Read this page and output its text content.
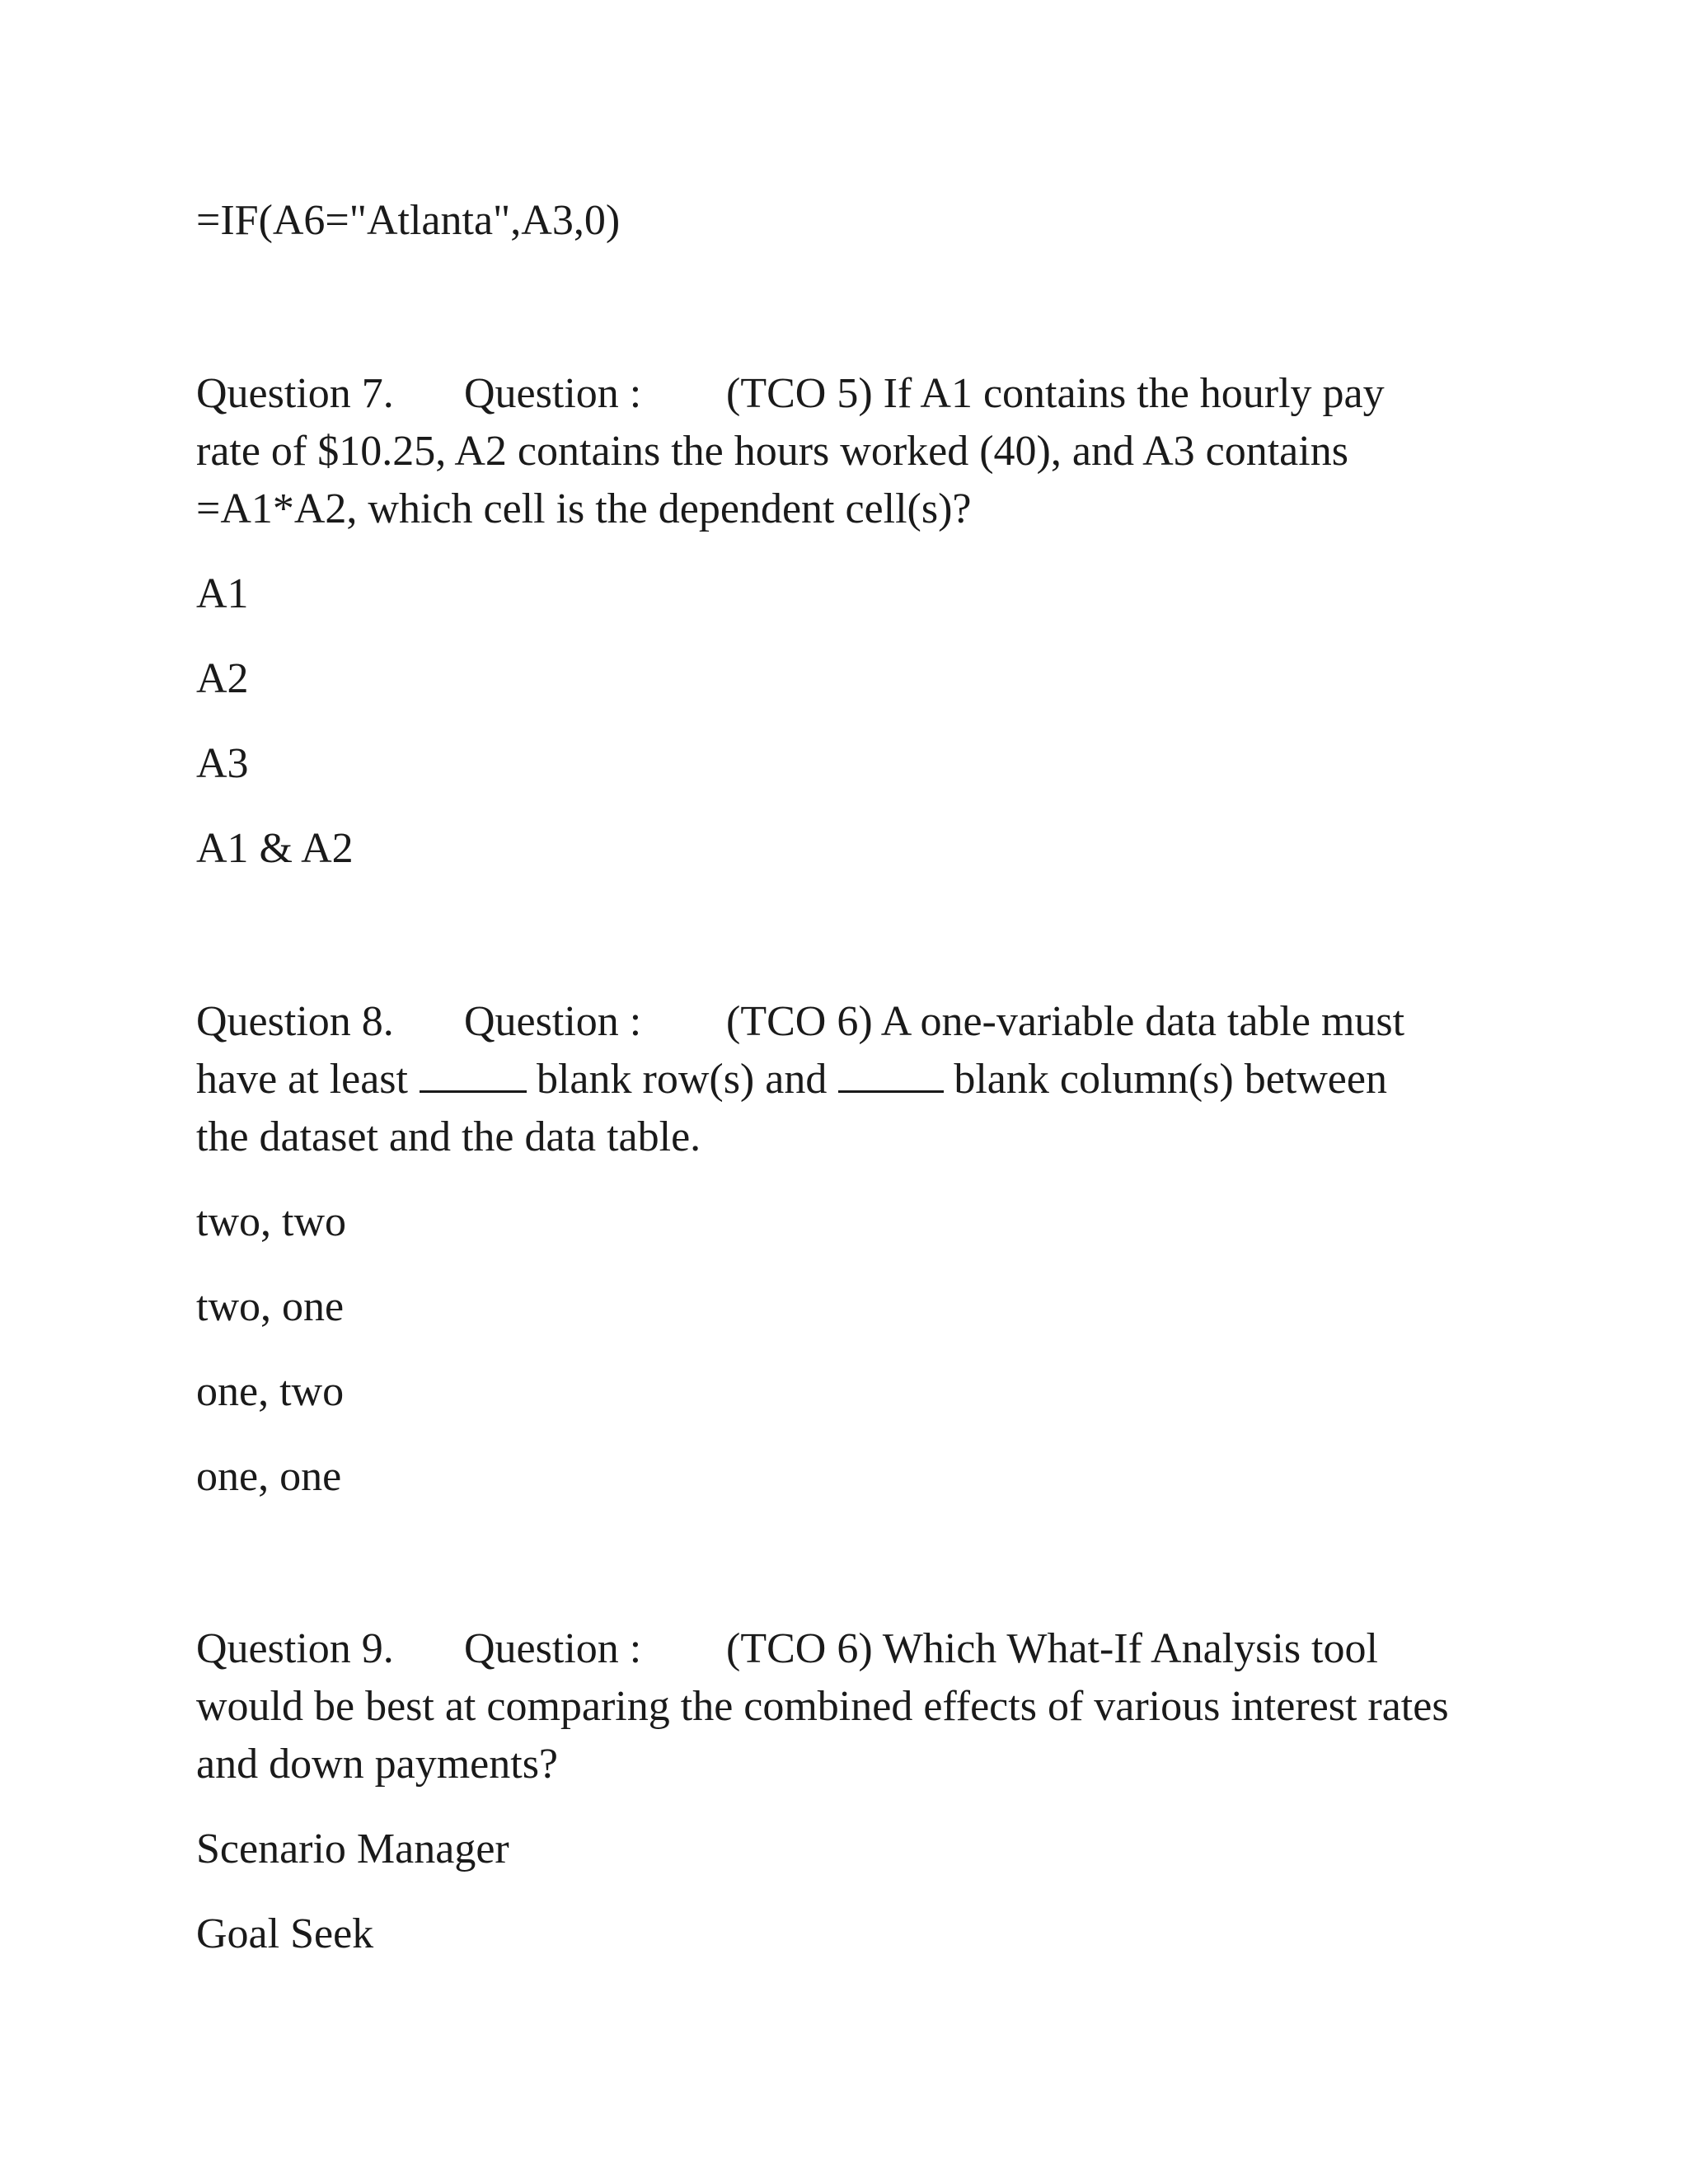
=IF(A6="Atlanta",A3,0)
Question 7. Question : (TCO 5) If A1 contains the hourly pay
rate of $10.25, A2 contains the hours worked (40), and A3 contains
=A1*A2, which cell is the dependent cell(s)?
A1
A2
A3
A1 & A2
Question 8. Question : (TCO 6) A one-variable data table must
have at least	blank row(s) and	blank column(s) between
the dataset and the data table.
two, two
two, one
one, two
one, one
Question 9. Question : (TCO 6) Which What-If Analysis tool
would be best at comparing the combined effects of various interest rates
and down payments?
Scenario Manager
Goal Seek
